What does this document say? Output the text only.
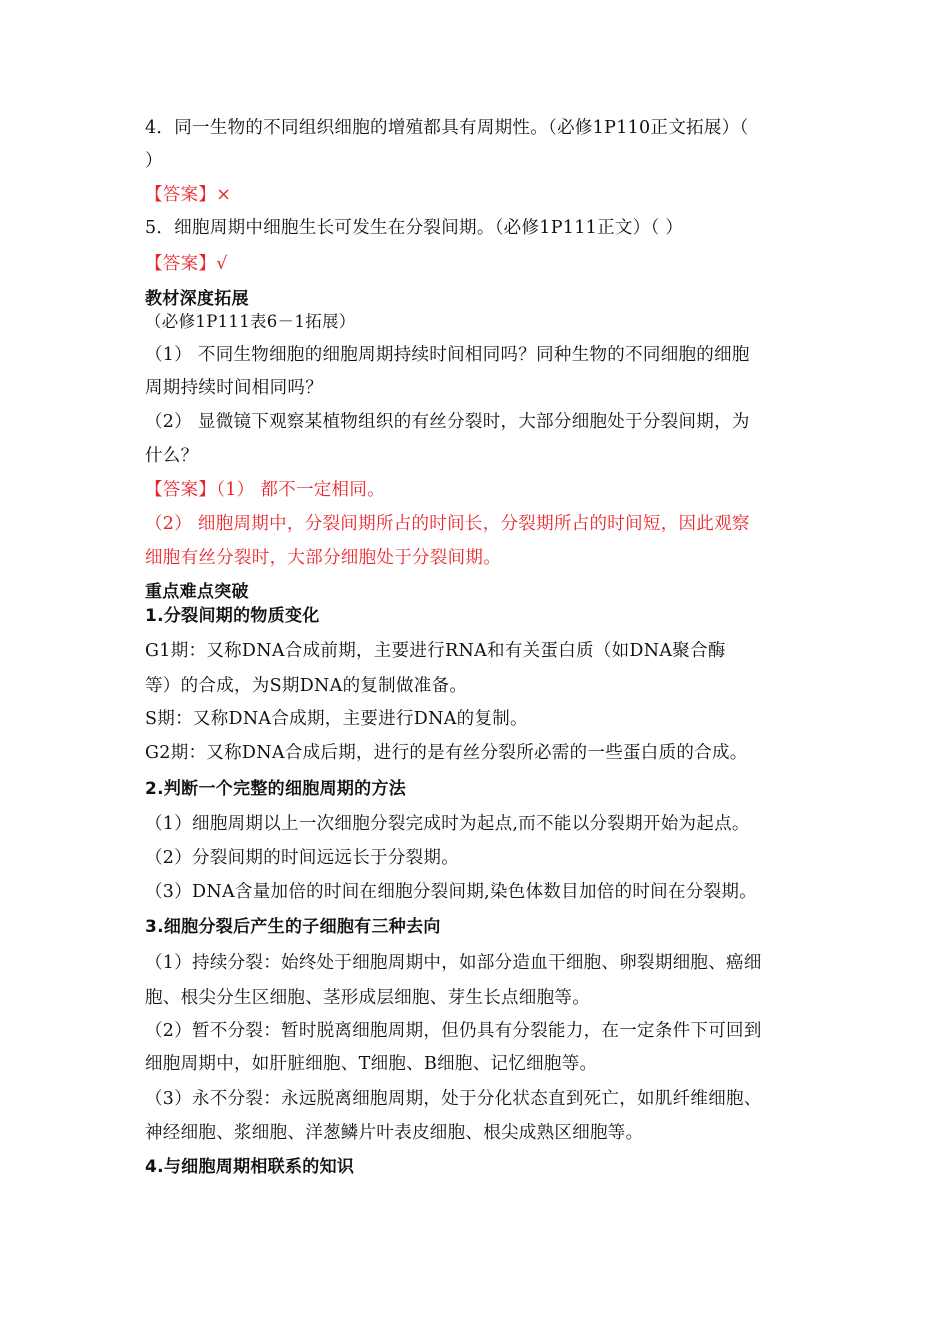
4．同一生物的不同组织细胞的增殖都具有周期性。（必修1P110正文拓展）（
）
【答案】×
5．细胞周期中细胞生长可发生在分裂间期。（必修1P111正文）（ ）
【答案】√
教材深度拓展
（必修1P111表6－1拓展）
（1） 不同生物细胞的细胞周期持续时间相同吗？同种生物的不同细胞的细胞
周期持续时间相同吗？
（2） 显微镜下观察某植物组织的有丝分裂时，大部分细胞处于分裂间期，为
什么？
【答案】（1） 都不一定相同。
（2） 细胞周期中，分裂间期所占的时间长，分裂期所占的时间短，因此观察
细胞有丝分裂时，大部分细胞处于分裂间期。
重点难点突破
1.分裂间期的物质变化
G1期：又称DNA合成前期，主要进行RNA和有关蛋白质（如DNA聚合酶
等）的合成，为S期DNA的复制做准备。
S期：又称DNA合成期，主要进行DNA的复制。
G2期：又称DNA合成后期，进行的是有丝分裂所必需的一些蛋白质的合成。
2.判断一个完整的细胞周期的方法
（1）细胞周期以上一次细胞分裂完成时为起点,而不能以分裂期开始为起点。
（2）分裂间期的时间远远长于分裂期。
（3）DNA含量加倍的时间在细胞分裂间期,染色体数目加倍的时间在分裂期。
3.细胞分裂后产生的子细胞有三种去向
（1）持续分裂：始终处于细胞周期中，如部分造血干细胞、卵裂期细胞、癌细
胞、根尖分生区细胞、茎形成层细胞、芽生长点细胞等。
（2）暂不分裂：暂时脱离细胞周期，但仍具有分裂能力，在一定条件下可回到
细胞周期中，如肝脏细胞、T细胞、B细胞、记忆细胞等。
（3）永不分裂：永远脱离细胞周期，处于分化状态直到死亡，如肌纤维细胞、
神经细胞、浆细胞、洋葱鳞片叶表皮细胞、根尖成熟区细胞等。
4.与细胞周期相联系的知识
